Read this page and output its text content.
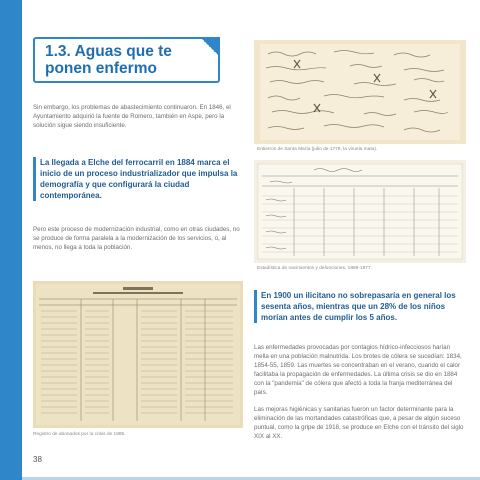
1.3. Aguas que te ponen enfermo

Sin embargo, los problemas de abastecimiento continuaron. En 1846, el Ayuntamiento adquirió la fuente de Romero, también en Aspe, pero la solución sigue siendo insuficiente.

La llegada a Elche del ferrocarril en 1884 marca el inicio de un proceso industrializador que impulsa la demografía y que configurará la ciudad contemporánea.

Pero este proceso de modernización industrial, como en otras ciudades, no se produce de forma paralela a la modernización de los servicios, o, al menos, no llega a toda la población.

Entierros de Santa María (julio de 1779, la viruela mata).
Estadística de nacimientos y defunciones, 1869-1877.
Registro de abonados por la crisis de 1885.

En 1900 un ilicitano no sobrepasaría en general los sesenta años, mientras que un 28% de los niños morían antes de cumplir los 5 años.

Las enfermedades provocadas por contagios hídrico-infecciosos harían mella en una población malnutrida. Los brotes de cólera se sucedían: 1834, 1854-55, 1859. Las muertes se concentraban en el verano, cuando el calor facilitaba la propagación de enfermedades. La última crisis se dio en 1884 con la "pandemia" de cólera que afectó a toda la franja mediterránea del país.

Las mejoras higiénicas y sanitarias fueron un factor determinante para la eliminación de las mortandades catastróficas que, a pesar de algún suceso puntual, como la gripe de 1918, se produce en Elche con el tránsito del siglo XIX al XX.

38
